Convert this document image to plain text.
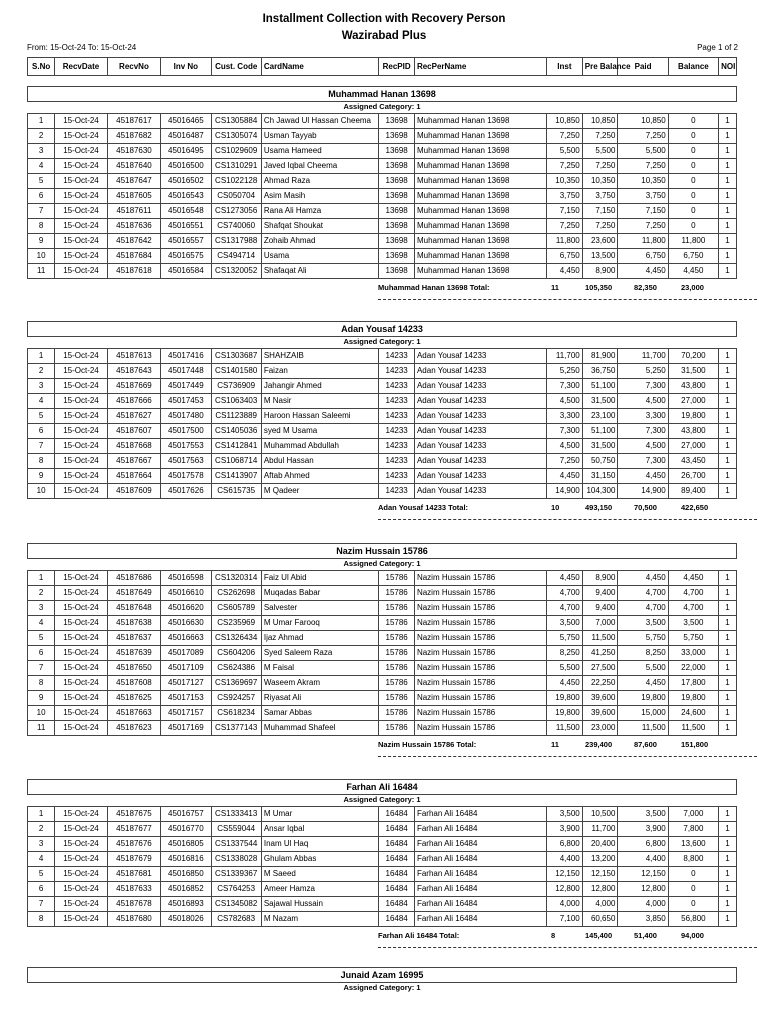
Installment Collection with Recovery Person
Wazirabad Plus
From: 15-Oct-24 To: 15-Oct-24	Page 1 of 2
S.No	RecvDate	RecvNo	Inv No	Cust. Code	CardName	RecPID	RecPerName	Inst	Pre Balance	Paid	Balance	NOI
Muhammad Hanan 13698
Assigned Category: 1
1	15-Oct-24	45187617	45016465	CS1305884	Ch Jawad Ul Hassan Cheema	13698	Muhammad Hanan 13698	10,850	10,850	10,850	0	1
2	15-Oct-24	45187682	45016487	CS1305074	Usman Tayyab	13698	Muhammad Hanan 13698	7,250	7,250	7,250	0	1
3	15-Oct-24	45187630	45016495	CS1029609	Usama Hameed	13698	Muhammad Hanan 13698	5,500	5,500	5,500	0	1
4	15-Oct-24	45187640	45016500	CS1310291	Javed Iqbal Cheema	13698	Muhammad Hanan 13698	7,250	7,250	7,250	0	1
5	15-Oct-24	45187647	45016502	CS1022128	Ahmad Raza	13698	Muhammad Hanan 13698	10,350	10,350	10,350	0	1
6	15-Oct-24	45187605	45016543	CS050704	Asim Masih	13698	Muhammad Hanan 13698	3,750	3,750	3,750	0	1
7	15-Oct-24	45187611	45016548	CS1273056	Rana Ali Hamza	13698	Muhammad Hanan 13698	7,150	7,150	7,150	0	1
8	15-Oct-24	45187636	45016551	CS740060	Shafqat Shoukat	13698	Muhammad Hanan 13698	7,250	7,250	7,250	0	1
9	15-Oct-24	45187642	45016557	CS1317988	Zohaib Ahmad	13698	Muhammad Hanan 13698	11,800	23,600	11,800	11,800	1
10	15-Oct-24	45187684	45016575	CS494714	Usama	13698	Muhammad Hanan 13698	6,750	13,500	6,750	6,750	1
11	15-Oct-24	45187618	45016584	CS1320052	Shafaqat Ali	13698	Muhammad Hanan 13698	4,450	8,900	4,450	4,450	1
Muhammad Hanan 13698 Total:	11	105,350	82,350	23,000
Adan Yousaf 14233
Assigned Category: 1
1	15-Oct-24	45187613	45017416	CS1303687	SHAHZAIB	14233	Adan Yousaf 14233	11,700	81,900	11,700	70,200	1
2	15-Oct-24	45187643	45017448	CS1401580	Faizan	14233	Adan Yousaf 14233	5,250	36,750	5,250	31,500	1
3	15-Oct-24	45187669	45017449	CS736909	Jahangir Ahmed	14233	Adan Yousaf 14233	7,300	51,100	7,300	43,800	1
4	15-Oct-24	45187666	45017453	CS1063403	M Nasir	14233	Adan Yousaf 14233	4,500	31,500	4,500	27,000	1
5	15-Oct-24	45187627	45017480	CS1123889	Haroon Hassan Saleemi	14233	Adan Yousaf 14233	3,300	23,100	3,300	19,800	1
6	15-Oct-24	45187607	45017500	CS1405036	syed M Usama	14233	Adan Yousaf 14233	7,300	51,100	7,300	43,800	1
7	15-Oct-24	45187668	45017553	CS1412841	Muhammad Abdullah	14233	Adan Yousaf 14233	4,500	31,500	4,500	27,000	1
8	15-Oct-24	45187667	45017563	CS1068714	Abdul Hassan	14233	Adan Yousaf 14233	7,250	50,750	7,300	43,450	1
9	15-Oct-24	45187664	45017578	CS1413907	Aftab Ahmed	14233	Adan Yousaf 14233	4,450	31,150	4,450	26,700	1
10	15-Oct-24	45187609	45017626	CS615735	M Qadeer	14233	Adan Yousaf 14233	14,900	104,300	14,900	89,400	1
Adan Yousaf 14233 Total:	10	493,150	70,500	422,650
Nazim Hussain 15786
Assigned Category: 1
1	15-Oct-24	45187686	45016598	CS1320314	Faiz Ul Abid	15786	Nazim Hussain 15786	4,450	8,900	4,450	4,450	1
2	15-Oct-24	45187649	45016610	CS262698	Muqadas Babar	15786	Nazim Hussain 15786	4,700	9,400	4,700	4,700	1
3	15-Oct-24	45187648	45016620	CS605789	Salvester	15786	Nazim Hussain 15786	4,700	9,400	4,700	4,700	1
4	15-Oct-24	45187638	45016630	CS235969	M Umar Farooq	15786	Nazim Hussain 15786	3,500	7,000	3,500	3,500	1
5	15-Oct-24	45187637	45016663	CS1326434	Ijaz Ahmad	15786	Nazim Hussain 15786	5,750	11,500	5,750	5,750	1
6	15-Oct-24	45187639	45017089	CS604206	Syed Saleem Raza	15786	Nazim Hussain 15786	8,250	41,250	8,250	33,000	1
7	15-Oct-24	45187650	45017109	CS624386	M Faisal	15786	Nazim Hussain 15786	5,500	27,500	5,500	22,000	1
8	15-Oct-24	45187608	45017127	CS1369697	Waseem Akram	15786	Nazim Hussain 15786	4,450	22,250	4,450	17,800	1
9	15-Oct-24	45187625	45017153	CS924257	Riyasat Ali	15786	Nazim Hussain 15786	19,800	39,600	19,800	19,800	1
10	15-Oct-24	45187663	45017157	CS618234	Samar Abbas	15786	Nazim Hussain 15786	19,800	39,600	15,000	24,600	1
11	15-Oct-24	45187623	45017169	CS1377143	Muhammad Shafeel	15786	Nazim Hussain 15786	11,500	23,000	11,500	11,500	1
Nazim Hussain 15786 Total:	11	239,400	87,600	151,800
Farhan Ali 16484
Assigned Category: 1
1	15-Oct-24	45187675	45016757	CS1333413	M Umar	16484	Farhan Ali 16484	3,500	10,500	3,500	7,000	1
2	15-Oct-24	45187677	45016770	CS559044	Ansar Iqbal	16484	Farhan Ali 16484	3,900	11,700	3,900	7,800	1
3	15-Oct-24	45187676	45016805	CS1337544	Inam Ul Haq	16484	Farhan Ali 16484	6,800	20,400	6,800	13,600	1
4	15-Oct-24	45187679	45016816	CS1338028	Ghulam Abbas	16484	Farhan Ali 16484	4,400	13,200	4,400	8,800	1
5	15-Oct-24	45187681	45016850	CS1339367	M Saeed	16484	Farhan Ali 16484	12,150	12,150	12,150	0	1
6	15-Oct-24	45187633	45016852	CS764253	Ameer Hamza	16484	Farhan Ali 16484	12,800	12,800	12,800	0	1
7	15-Oct-24	45187678	45016893	CS1345082	Sajawal Hussain	16484	Farhan Ali 16484	4,000	4,000	4,000	0	1
8	15-Oct-24	45187680	45018026	CS782683	M Nazam	16484	Farhan Ali 16484	7,100	60,650	3,850	56,800	1
Farhan Ali 16484 Total:	8	145,400	51,400	94,000
Junaid Azam 16995
Assigned Category: 1
